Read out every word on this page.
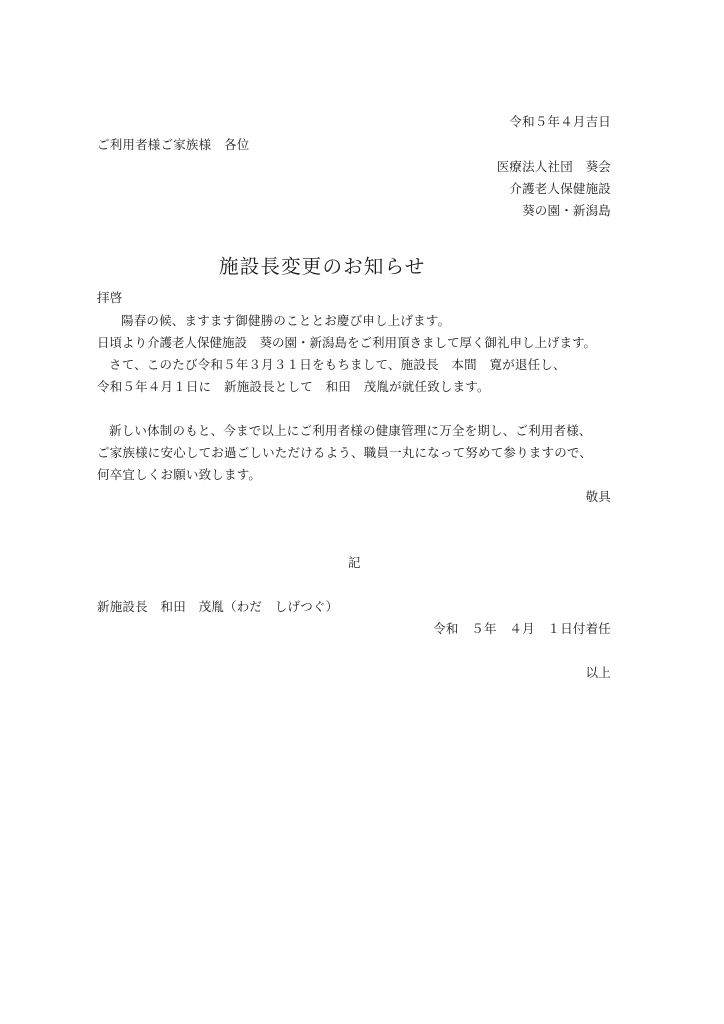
令和５年４月吉日
ご利用者様ご家族様　各位
医療法人社団　葵会
介護老人保健施設
葵の園・新潟島
施設長変更のお知らせ
拝啓
陽春の候、ますます御健勝のこととお慶び申し上げます。
日頃より介護老人保健施設　葵の園・新潟島をご利用頂きまして厚く御礼申し上げます。
さて、このたび令和５年３月３１日をもちまして、施設長　本間　寛が退任し、
令和５年４月１日に　新施設長として　和田　茂胤が就任致します。
新しい体制のもと、今まで以上にご利用者様の健康管理に万全を期し、ご利用者様、
ご家族様に安心してお過ごしいただけるよう、職員一丸になって努めて参りますので、
何卒宜しくお願い致します。
敬具
記
新施設長　和田　茂胤（わだ　しげつぐ）
令和　５年　４月　１日付着任
以上
